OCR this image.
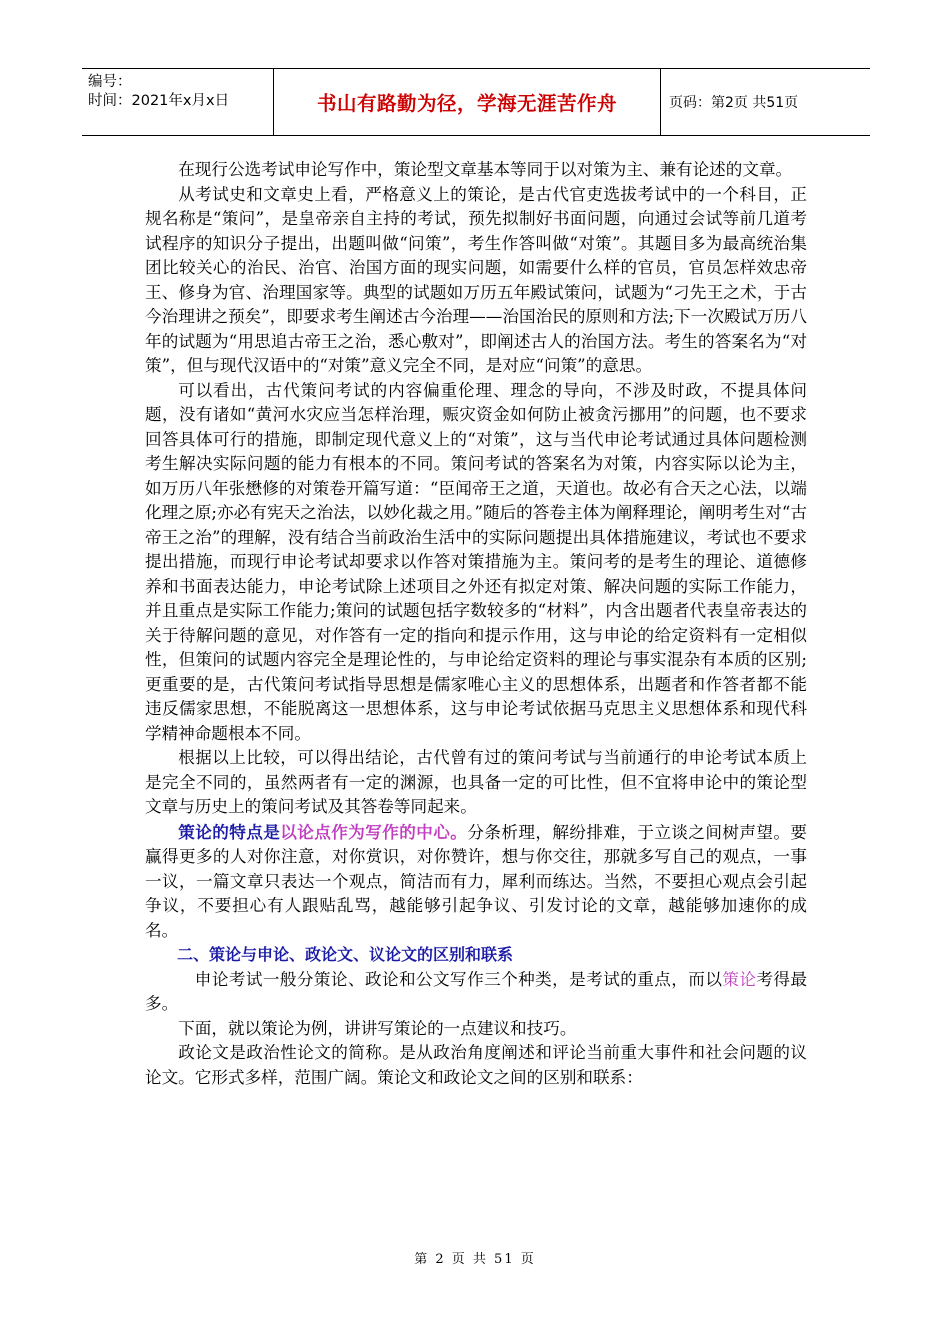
编号：
时间：2021年x月x日	书山有路勤为径，学海无涯苦作舟	页码：第2页 共51页

在现行公选考试申论写作中，策论型文章基本等同于以对策为主、兼有论述的文章。

从考试史和文章史上看，严格意义上的策论，是古代官吏选拔考试中的一个科目，正规名称是“策问”，是皇帝亲自主持的考试，预先拟制好书面问题，向通过会试等前几道考试程序的知识分子提出，出题叫做“问策”，考生作答叫做“对策”。其题目多为最高统治集团比较关心的治民、治官、治国方面的现实问题，如需要什么样的官员，官员怎样效忠帝王、修身为官、治理国家等。典型的试题如万历五年殿试策问，试题为“刁先王之术，于古今治理讲之预矣”，即要求考生阐述古今治理——治国治民的原则和方法;下一次殿试万历八年的试题为“用思追古帝王之治，悉心敷对”，即阐述古人的治国方法。考生的答案名为“对策”，但与现代汉语中的“对策”意义完全不同，是对应“问策”的意思。

可以看出，古代策问考试的内容偏重伦理、理念的导向，不涉及时政，不提具体问题，没有诸如“黄河水灾应当怎样治理，赈灾资金如何防止被贪污挪用”的问题，也不要求回答具体可行的措施，即制定现代意义上的“对策”，这与当代申论考试通过具体问题检测考生解决实际问题的能力有根本的不同。策问考试的答案名为对策，内容实际以论为主，如万历八年张懋修的对策卷开篇写道：“臣闻帝王之道，天道也。故必有合天之心法，以端化理之原;亦必有宪天之治法，以妙化裁之用。”随后的答卷主体为阐释理论，阐明考生对“古帝王之治”的理解，没有结合当前政治生活中的实际问题提出具体措施建议，考试也不要求提出措施，而现行申论考试却要求以作答对策措施为主。策问考的是考生的理论、道德修养和书面表达能力，申论考试除上述项目之外还有拟定对策、解决问题的实际工作能力，并且重点是实际工作能力;策问的试题包括字数较多的“材料”，内含出题者代表皇帝表达的关于待解问题的意见，对作答有一定的指向和提示作用，这与申论的给定资料有一定相似性，但策问的试题内容完全是理论性的，与申论给定资料的理论与事实混杂有本质的区别;更重要的是，古代策问考试指导思想是儒家唯心主义的思想体系，出题者和作答者都不能违反儒家思想，不能脱离这一思想体系，这与申论考试依据马克思主义思想体系和现代科学精神命题根本不同。

根据以上比较，可以得出结论，古代曾有过的策问考试与当前通行的申论考试本质上是完全不同的，虽然两者有一定的渊源，也具备一定的可比性，但不宜将申论中的策论型文章与历史上的策问考试及其答卷等同起来。

策论的特点是以论点作为写作的中心。分条析理，解纷排难，于立谈之间树声望。要赢得更多的人对你注意，对你赏识，对你赞许，想与你交往，那就多写自己的观点，一事一议，一篇文章只表达一个观点，简洁而有力，犀利而练达。当然，不要担心观点会引起争议，不要担心有人跟贴乱骂，越能够引起争议、引发讨论的文章，越能够加速你的成名。

二、策论与申论、政论文、议论文的区别和联系

申论考试一般分策论、政论和公文写作三个种类，是考试的重点，而以策论考得最多。

下面，就以策论为例，讲讲写策论的一点建议和技巧。

政论文是政治性论文的简称。是从政治角度阐述和评论当前重大事件和社会问题的议论文。它形式多样，范围广阔。策论文和政论文之间的区别和联系：

第 2 页 共 51 页
